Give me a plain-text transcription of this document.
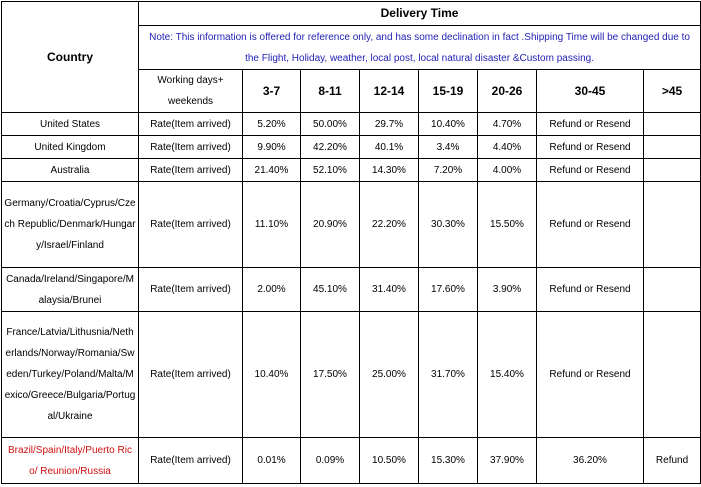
Country	Delivery Time							
	Note: This information is offered for reference only, and has some declination in fact .Shipping Time will be changed due to the Flight, Holiday, weather, local post, local natural disaster &Custom passing.							
	Working days+ weekends	3-7	8-11	12-14	15-19	20-26	30-45	>45
United States	Rate(Item arrived)	5.20%	50.00%	29.7%	10.40%	4.70%	Refund or Resend	
United Kingdom	Rate(Item arrived)	9.90%	42.20%	40.1%	3.4%	4.40%	Refund or Resend	
Australia	Rate(Item arrived)	21.40%	52.10%	14.30%	7.20%	4.00%	Refund or Resend	
Germany/Croatia/Cyprus/Czech Republic/Denmark/Hungary/Israel/Finland	Rate(Item arrived)	11.10%	20.90%	22.20%	30.30%	15.50%	Refund or Resend	
Canada/Ireland/Singapore/Malaysia/Brunei	Rate(Item arrived)	2.00%	45.10%	31.40%	17.60%	3.90%	Refund or Resend	
France/Latvia/Lithusnia/Netherlands/Norway/Romania/Sweden/Turkey/Poland/Malta/Mexico/Greece/Bulgaria/Portugal/Ukraine	Rate(Item arrived)	10.40%	17.50%	25.00%	31.70%	15.40%	Refund or Resend	
Brazil/Spain/Italy/Puerto Rico/ Reunion/Russia	Rate(Item arrived)	0.01%	0.09%	10.50%	15.30%	37.90%	36.20%	Refund
